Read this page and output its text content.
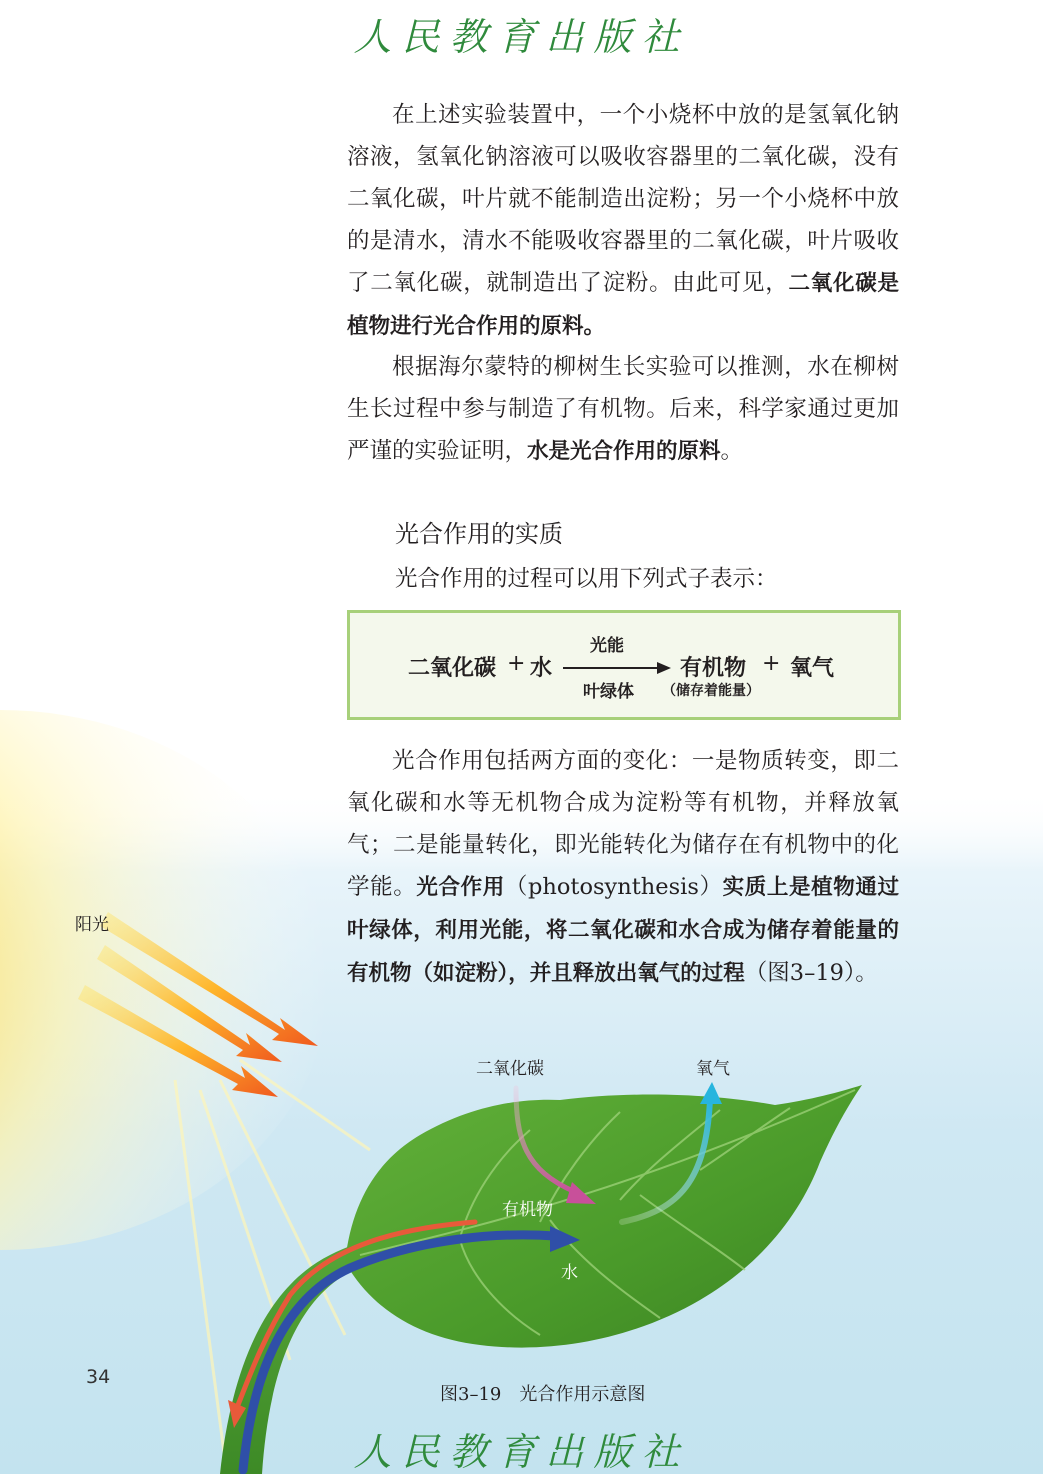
人民教育出版社

在上述实验装置中，一个小烧杯中放的是氢氧化钠溶液，氢氧化钠溶液可以吸收容器里的二氧化碳，没有二氧化碳，叶片就不能制造出淀粉；另一个小烧杯中放的是清水，清水不能吸收容器里的二氧化碳，叶片吸收了二氧化碳，就制造出了淀粉。由此可见，二氧化碳是植物进行光合作用的原料。

根据海尔蒙特的柳树生长实验可以推测，水在柳树生长过程中参与制造了有机物。后来，科学家通过更加严谨的实验证明，水是光合作用的原料。

光合作用的实质
光合作用的过程可以用下列式子表示：
二氧化碳 + 水
光能
叶绿体
有机物 + 氧气
（储存着能量）

光合作用包括两方面的变化：一是物质转变，即二氧化碳和水等无机物合成为淀粉等有机物，并释放氧气；二是能量转化，即光能转化为储存在有机物中的化学能。光合作用（photosynthesis）实质上是植物通过叶绿体，利用光能，将二氧化碳和水合成为储存着能量的有机物（如淀粉），并且释放出氧气的过程（图3–19）。

阳光
二氧化碳	氧气
有机物
水
34
图3–19　光合作用示意图
人民教育出版社
